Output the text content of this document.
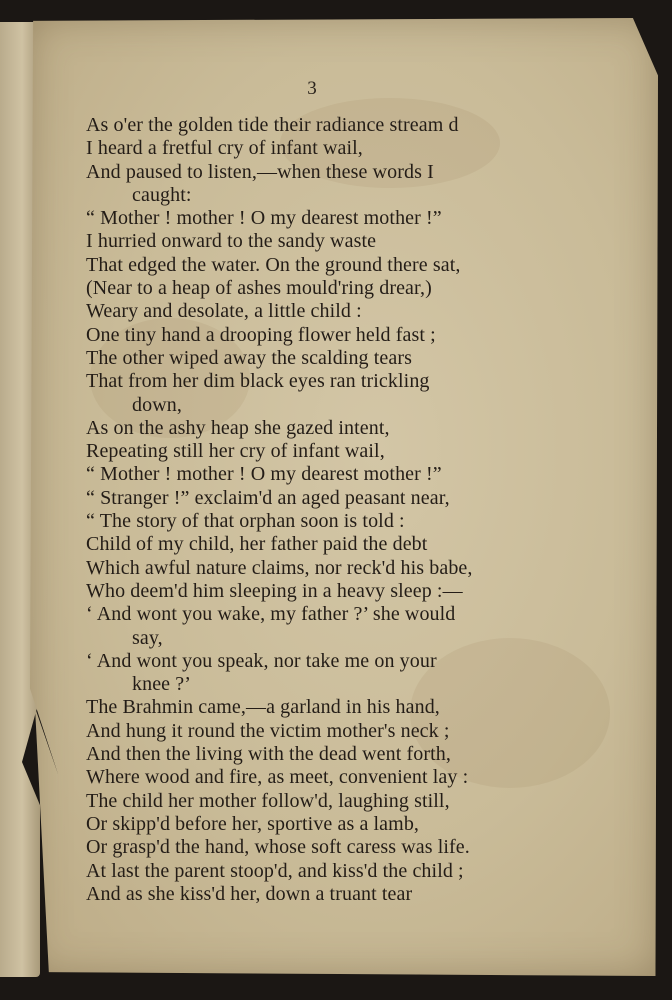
3
As o'er the golden tide their radiance stream d
I heard a fretful cry of infant wail,
And paused to listen,—when these words I
caught:
“ Mother ! mother ! O my dearest mother !”
I hurried onward to the sandy waste
That edged the water. On the ground there sat,
(Near to a heap of ashes mould'ring drear,)
Weary and desolate, a little child :
One tiny hand a drooping flower held fast ;
The other wiped away the scalding tears
That from her dim black eyes ran trickling
down,
As on the ashy heap she gazed intent,
Repeating still her cry of infant wail,
“ Mother ! mother ! O my dearest mother !”
“ Stranger !” exclaim'd an aged peasant near,
“ The story of that orphan soon is told :
Child of my child, her father paid the debt
Which awful nature claims, nor reck'd his babe,
Who deem'd him sleeping in a heavy sleep :—
‘ And wont you wake, my father ?’ she would
say,
‘ And wont you speak, nor take me on your
knee ?’
The Brahmin came,—a garland in his hand,
And hung it round the victim mother's neck ;
And then the living with the dead went forth,
Where wood and fire, as meet, convenient lay :
The child her mother follow'd, laughing still,
Or skipp'd before her, sportive as a lamb,
Or grasp'd the hand, whose soft caress was life.
At last the parent stoop'd, and kiss'd the child ;
And as she kiss'd her, down a truant tear
